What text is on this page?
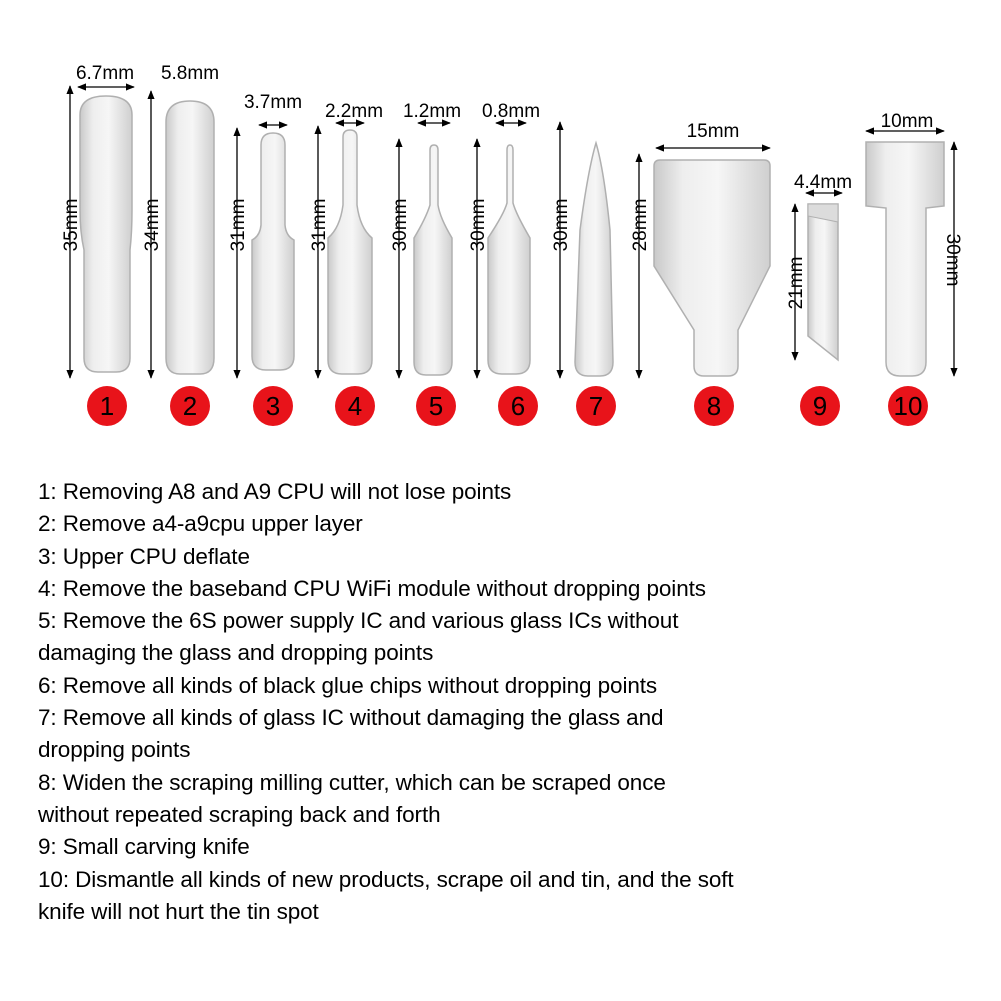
6.7mm 5.8mm
3.7mm 2.2mm 1.2mm 0.8mm
15mm
4.4mm
10mm
35mm	34mm	31mm	31mm	30mm	30mm	30mm	28mm
21mm	30mm
1	2	3	4	5	6 7	8	9	10
1: Removing A8 and A9 CPU will not lose points
2: Remove a4-a9cpu upper layer
3: Upper CPU deflate
4: Remove the baseband CPU WiFi module without dropping points
5: Remove the 6S power supply IC and various glass ICs without
damaging the glass and dropping points
6: Remove all kinds of black glue chips without dropping points
7: Remove all kinds of glass IC without damaging the glass and
dropping points
8: Widen the scraping milling cutter, which can be scraped once
without repeated scraping back and forth
9: Small carving knife
10: Dismantle all kinds of new products, scrape oil and tin, and the soft
knife will not hurt the tin spot
